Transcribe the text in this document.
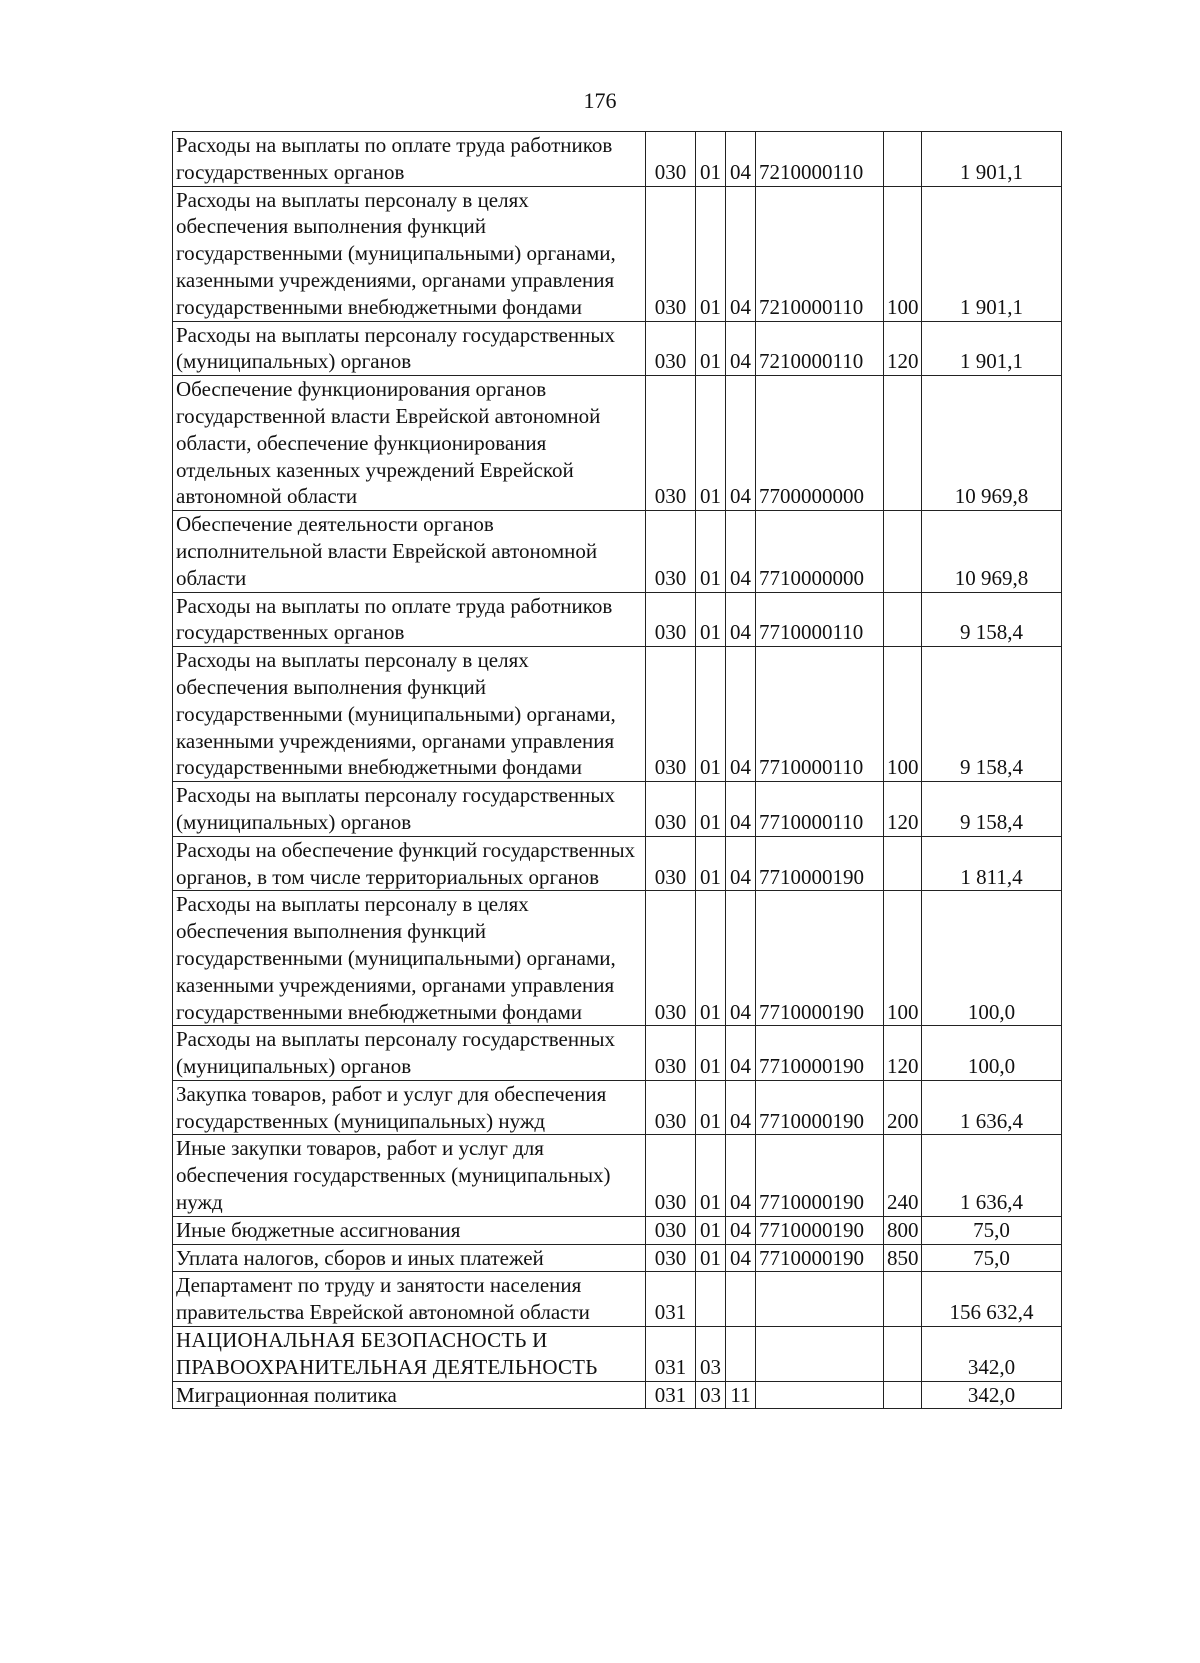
176
Расходы на выплаты по оплате труда работников государственных органов	030	01	04	7210000110		1 901,1
Расходы на выплаты персоналу в целях обеспечения выполнения функций государственными (муниципальными) органами, казенными учреждениями, органами управления государственными внебюджетными фондами	030	01	04	7210000110	100	1 901,1
Расходы на выплаты персоналу государственных (муниципальных) органов	030	01	04	7210000110	120	1 901,1
Обеспечение функционирования органов государственной власти Еврейской автономной области, обеспечение функционирования отдельных казенных учреждений Еврейской автономной области	030	01	04	7700000000		10 969,8
Обеспечение деятельности органов исполнительной власти Еврейской автономной области	030	01	04	7710000000		10 969,8
Расходы на выплаты по оплате труда работников государственных органов	030	01	04	7710000110		9 158,4
Расходы на выплаты персоналу в целях обеспечения выполнения функций государственными (муниципальными) органами, казенными учреждениями, органами управления государственными внебюджетными фондами	030	01	04	7710000110	100	9 158,4
Расходы на выплаты персоналу государственных (муниципальных) органов	030	01	04	7710000110	120	9 158,4
Расходы на обеспечение функций государственных органов, в том числе территориальных органов	030	01	04	7710000190		1 811,4
Расходы на выплаты персоналу в целях обеспечения выполнения функций государственными (муниципальными) органами, казенными учреждениями, органами управления государственными внебюджетными фондами	030	01	04	7710000190	100	100,0
Расходы на выплаты персоналу государственных (муниципальных) органов	030	01	04	7710000190	120	100,0
Закупка товаров, работ и услуг для обеспечения государственных (муниципальных) нужд	030	01	04	7710000190	200	1 636,4
Иные закупки товаров, работ и услуг для обеспечения государственных (муниципальных) нужд	030	01	04	7710000190	240	1 636,4
Иные бюджетные ассигнования	030	01	04	7710000190	800	75,0
Уплата налогов, сборов и иных платежей	030	01	04	7710000190	850	75,0
Департамент по труду и занятости населения правительства Еврейской автономной области	031					156 632,4
НАЦИОНАЛЬНАЯ БЕЗОПАСНОСТЬ И ПРАВООХРАНИТЕЛЬНАЯ ДЕЯТЕЛЬНОСТЬ	031	03				342,0
Миграционная политика	031	03	11			342,0
